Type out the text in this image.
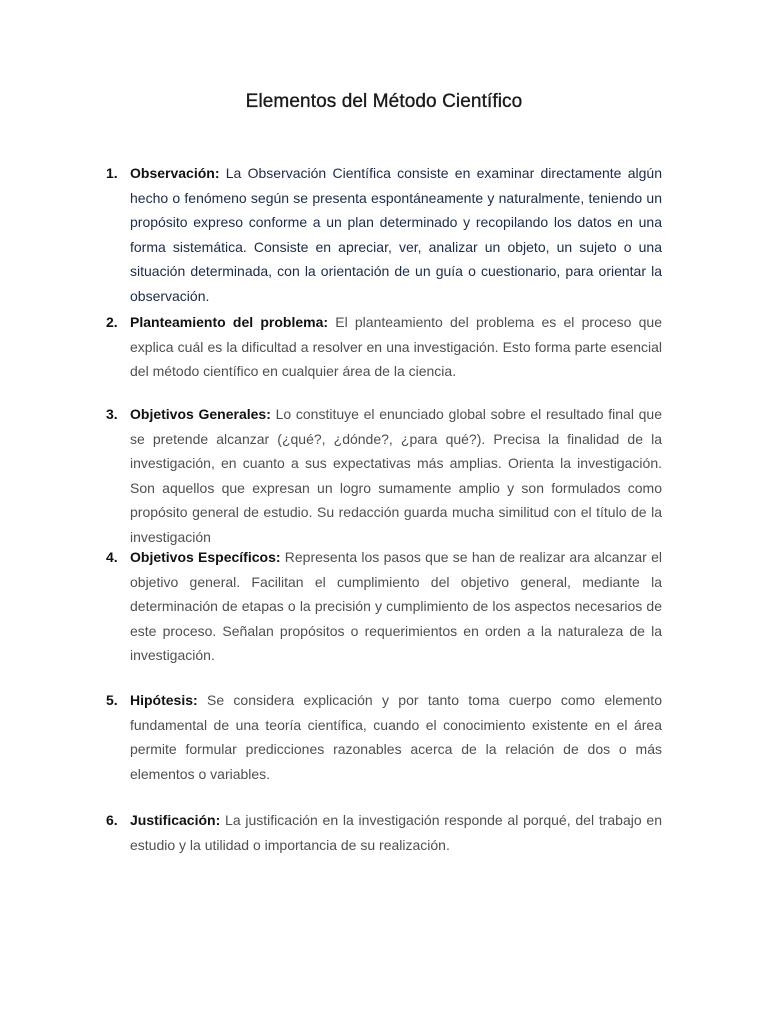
Elementos del Método Científico
1. Observación: La Observación Científica consiste en examinar directamente algún hecho o fenómeno según se presenta espontáneamente y naturalmente, teniendo un propósito expreso conforme a un plan determinado y recopilando los datos en una forma sistemática. Consiste en apreciar, ver, analizar un objeto, un sujeto o una situación determinada, con la orientación de un guía o cuestionario, para orientar la observación.
2. Planteamiento del problema: El planteamiento del problema es el proceso que explica cuál es la dificultad a resolver en una investigación. Esto forma parte esencial del método científico en cualquier área de la ciencia.
3. Objetivos Generales: Lo constituye el enunciado global sobre el resultado final que se pretende alcanzar (¿qué?, ¿dónde?, ¿para qué?). Precisa la finalidad de la investigación, en cuanto a sus expectativas más amplias. Orienta la investigación. Son aquellos que expresan un logro sumamente amplio y son formulados como propósito general de estudio. Su redacción guarda mucha similitud con el título de la investigación
4. Objetivos Específicos: Representa los pasos que se han de realizar ara alcanzar el objetivo general. Facilitan el cumplimiento del objetivo general, mediante la determinación de etapas o la precisión y cumplimiento de los aspectos necesarios de este proceso. Señalan propósitos o requerimientos en orden a la naturaleza de la investigación.
5. Hipótesis: Se considera explicación y por tanto toma cuerpo como elemento fundamental de una teoría científica, cuando el conocimiento existente en el área permite formular predicciones razonables acerca de la relación de dos o más elementos o variables.
6. Justificación: La justificación en la investigación responde al porqué, del trabajo en estudio y la utilidad o importancia de su realización.
